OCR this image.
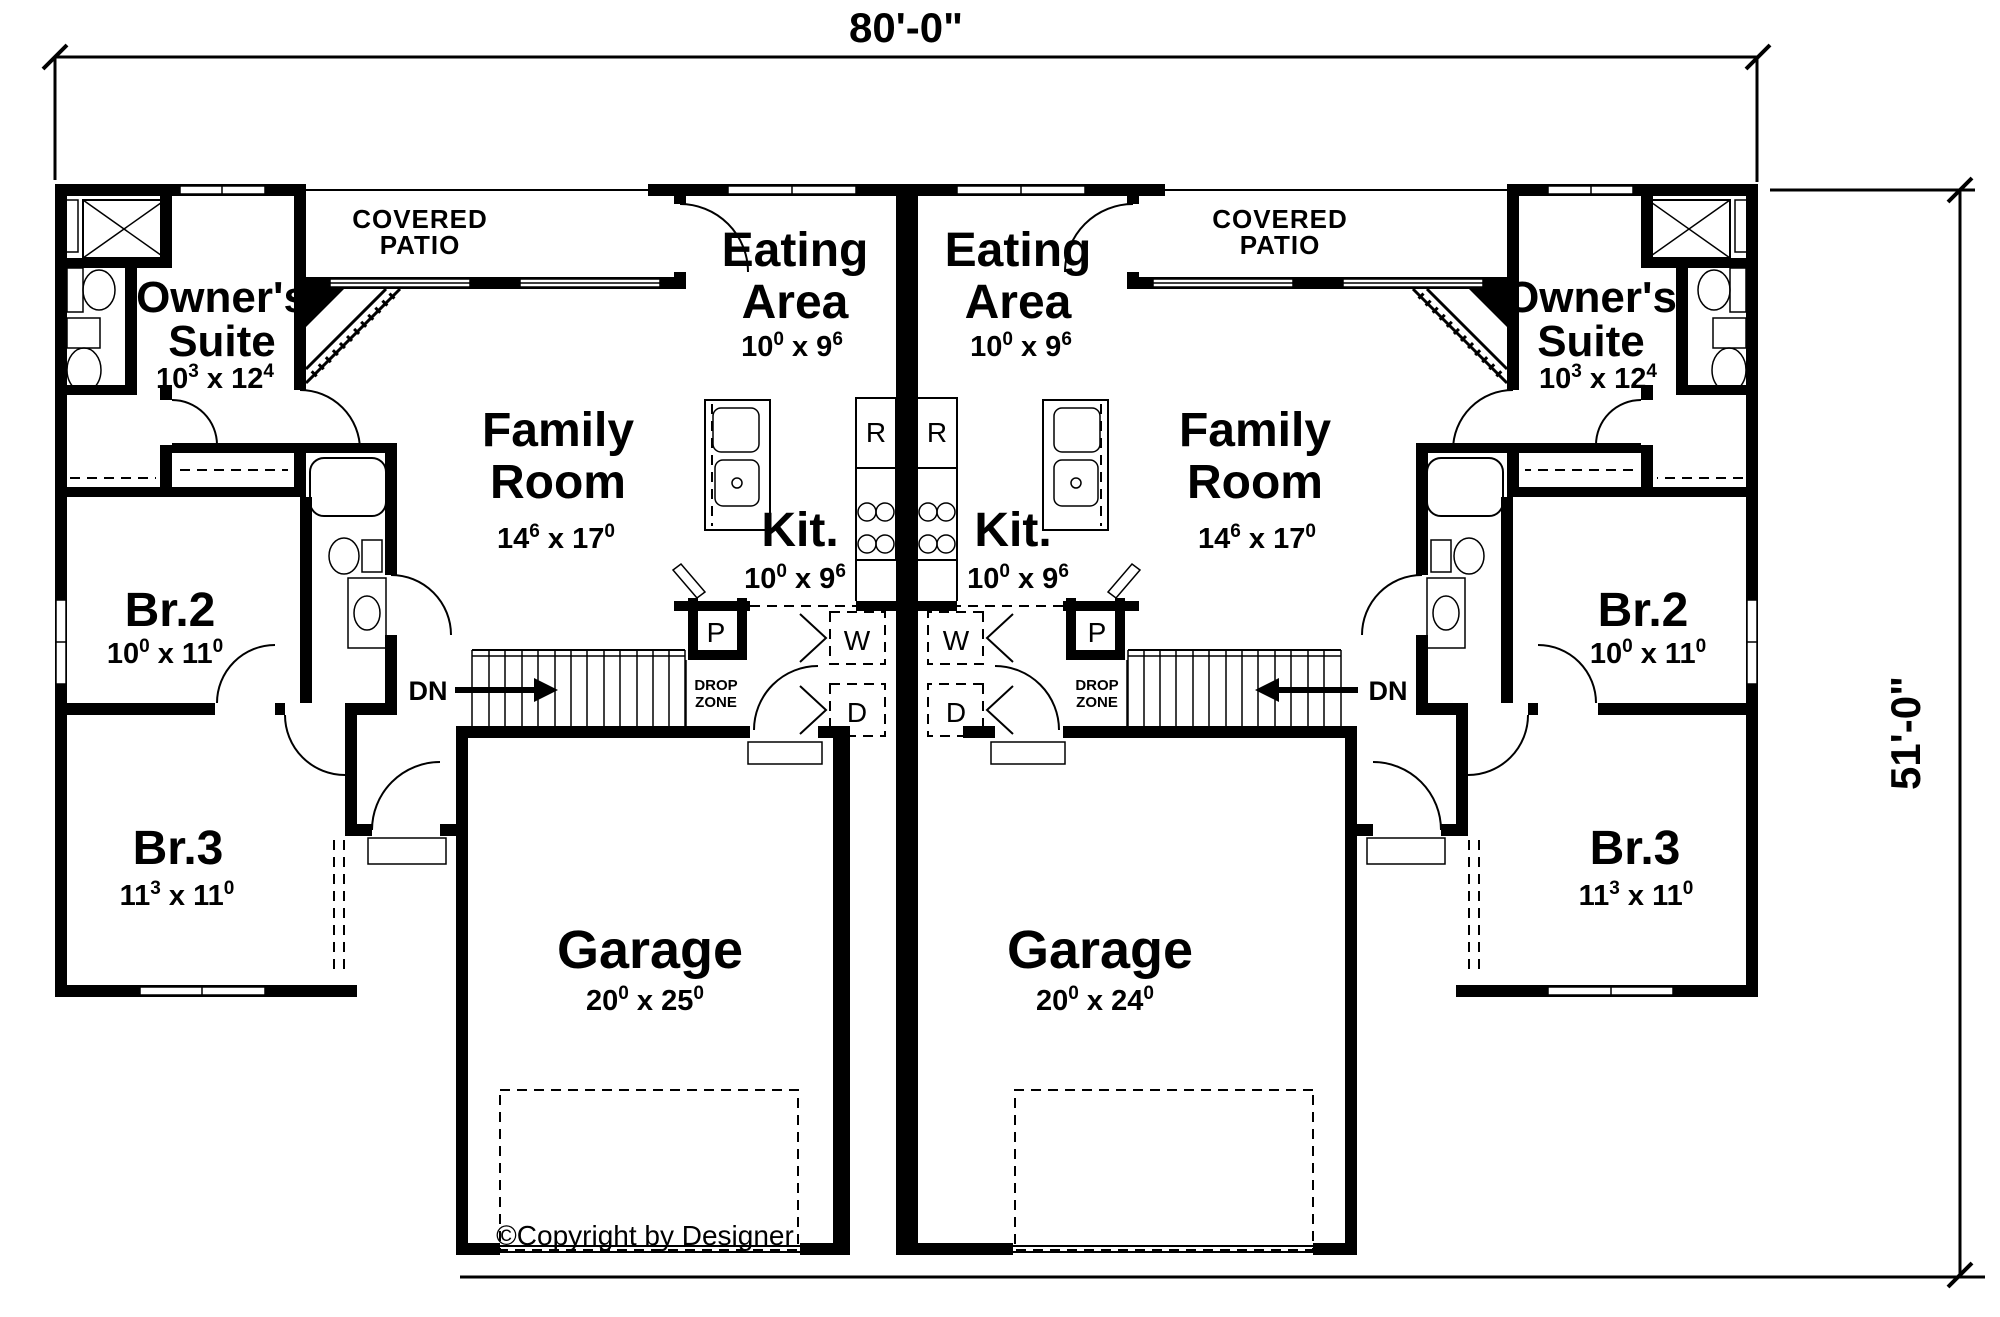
80'-0"
51'-0"
Owner's
Suite
$10^3$ x $12^4$
COVERED
PATIO	Eating
Area
$10^0$ x $9^6$
Family
Room
$14^6$ x $17^0$	Kit.
$10^0$ x $9^6$
Br.2
$10^0$ x $11^0$
Br.3
$11^3$ x $11^0$
Garage
$20^0$ x $25^0$
R
P	W
D
DROP
ZONE
DN
©Copyright by Designer
Owner's
Suite
$10^3$ x $12^4$
COVERED
PATIO
Eating
Area
$10^0$ x $9^6$
Family
Room
$14^6$ x $17^0$
Kit.
$10^0$ x $9^6$
Br.2
$10^0$ x $11^0$
Br.3
$11^3$ x $11^0$
Garage
$20^0$ x $24^0$
R
P
W
D
DROP
ZONE	DN
